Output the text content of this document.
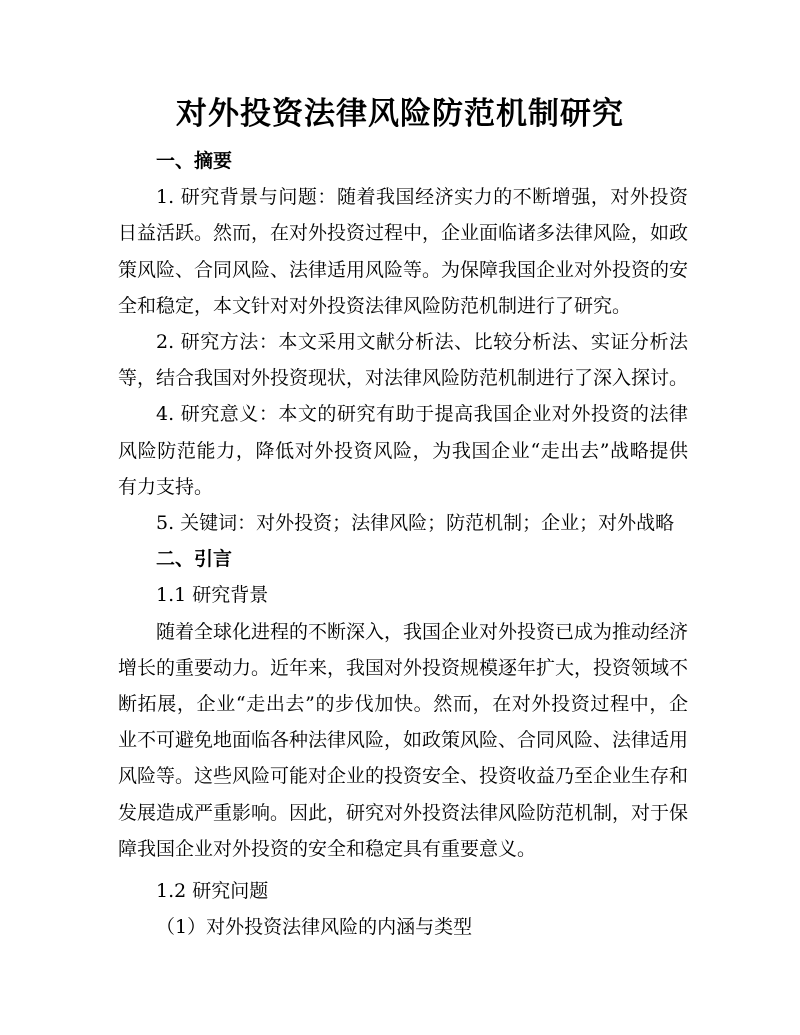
对外投资法律风险防范机制研究

一、摘要

1. 研究背景与问题：随着我国经济实力的不断增强，对外投资日益活跃。然而，在对外投资过程中，企业面临诸多法律风险，如政策风险、合同风险、法律适用风险等。为保障我国企业对外投资的安全和稳定，本文针对对外投资法律风险防范机制进行了研究。

2. 研究方法：本文采用文献分析法、比较分析法、实证分析法等，结合我国对外投资现状，对法律风险防范机制进行了深入探讨。

4. 研究意义：本文的研究有助于提高我国企业对外投资的法律风险防范能力，降低对外投资风险，为我国企业“走出去”战略提供有力支持。

5. 关键词：对外投资；法律风险；防范机制；企业；对外战略

二、引言

1.1 研究背景

随着全球化进程的不断深入，我国企业对外投资已成为推动经济增长的重要动力。近年来，我国对外投资规模逐年扩大，投资领域不断拓展，企业“走出去”的步伐加快。然而，在对外投资过程中，企业不可避免地面临各种法律风险，如政策风险、合同风险、法律适用风险等。这些风险可能对企业的投资安全、投资收益乃至企业生存和发展造成严重影响。因此，研究对外投资法律风险防范机制，对于保障我国企业对外投资的安全和稳定具有重要意义。

1.2 研究问题

（1）对外投资法律风险的内涵与类型
